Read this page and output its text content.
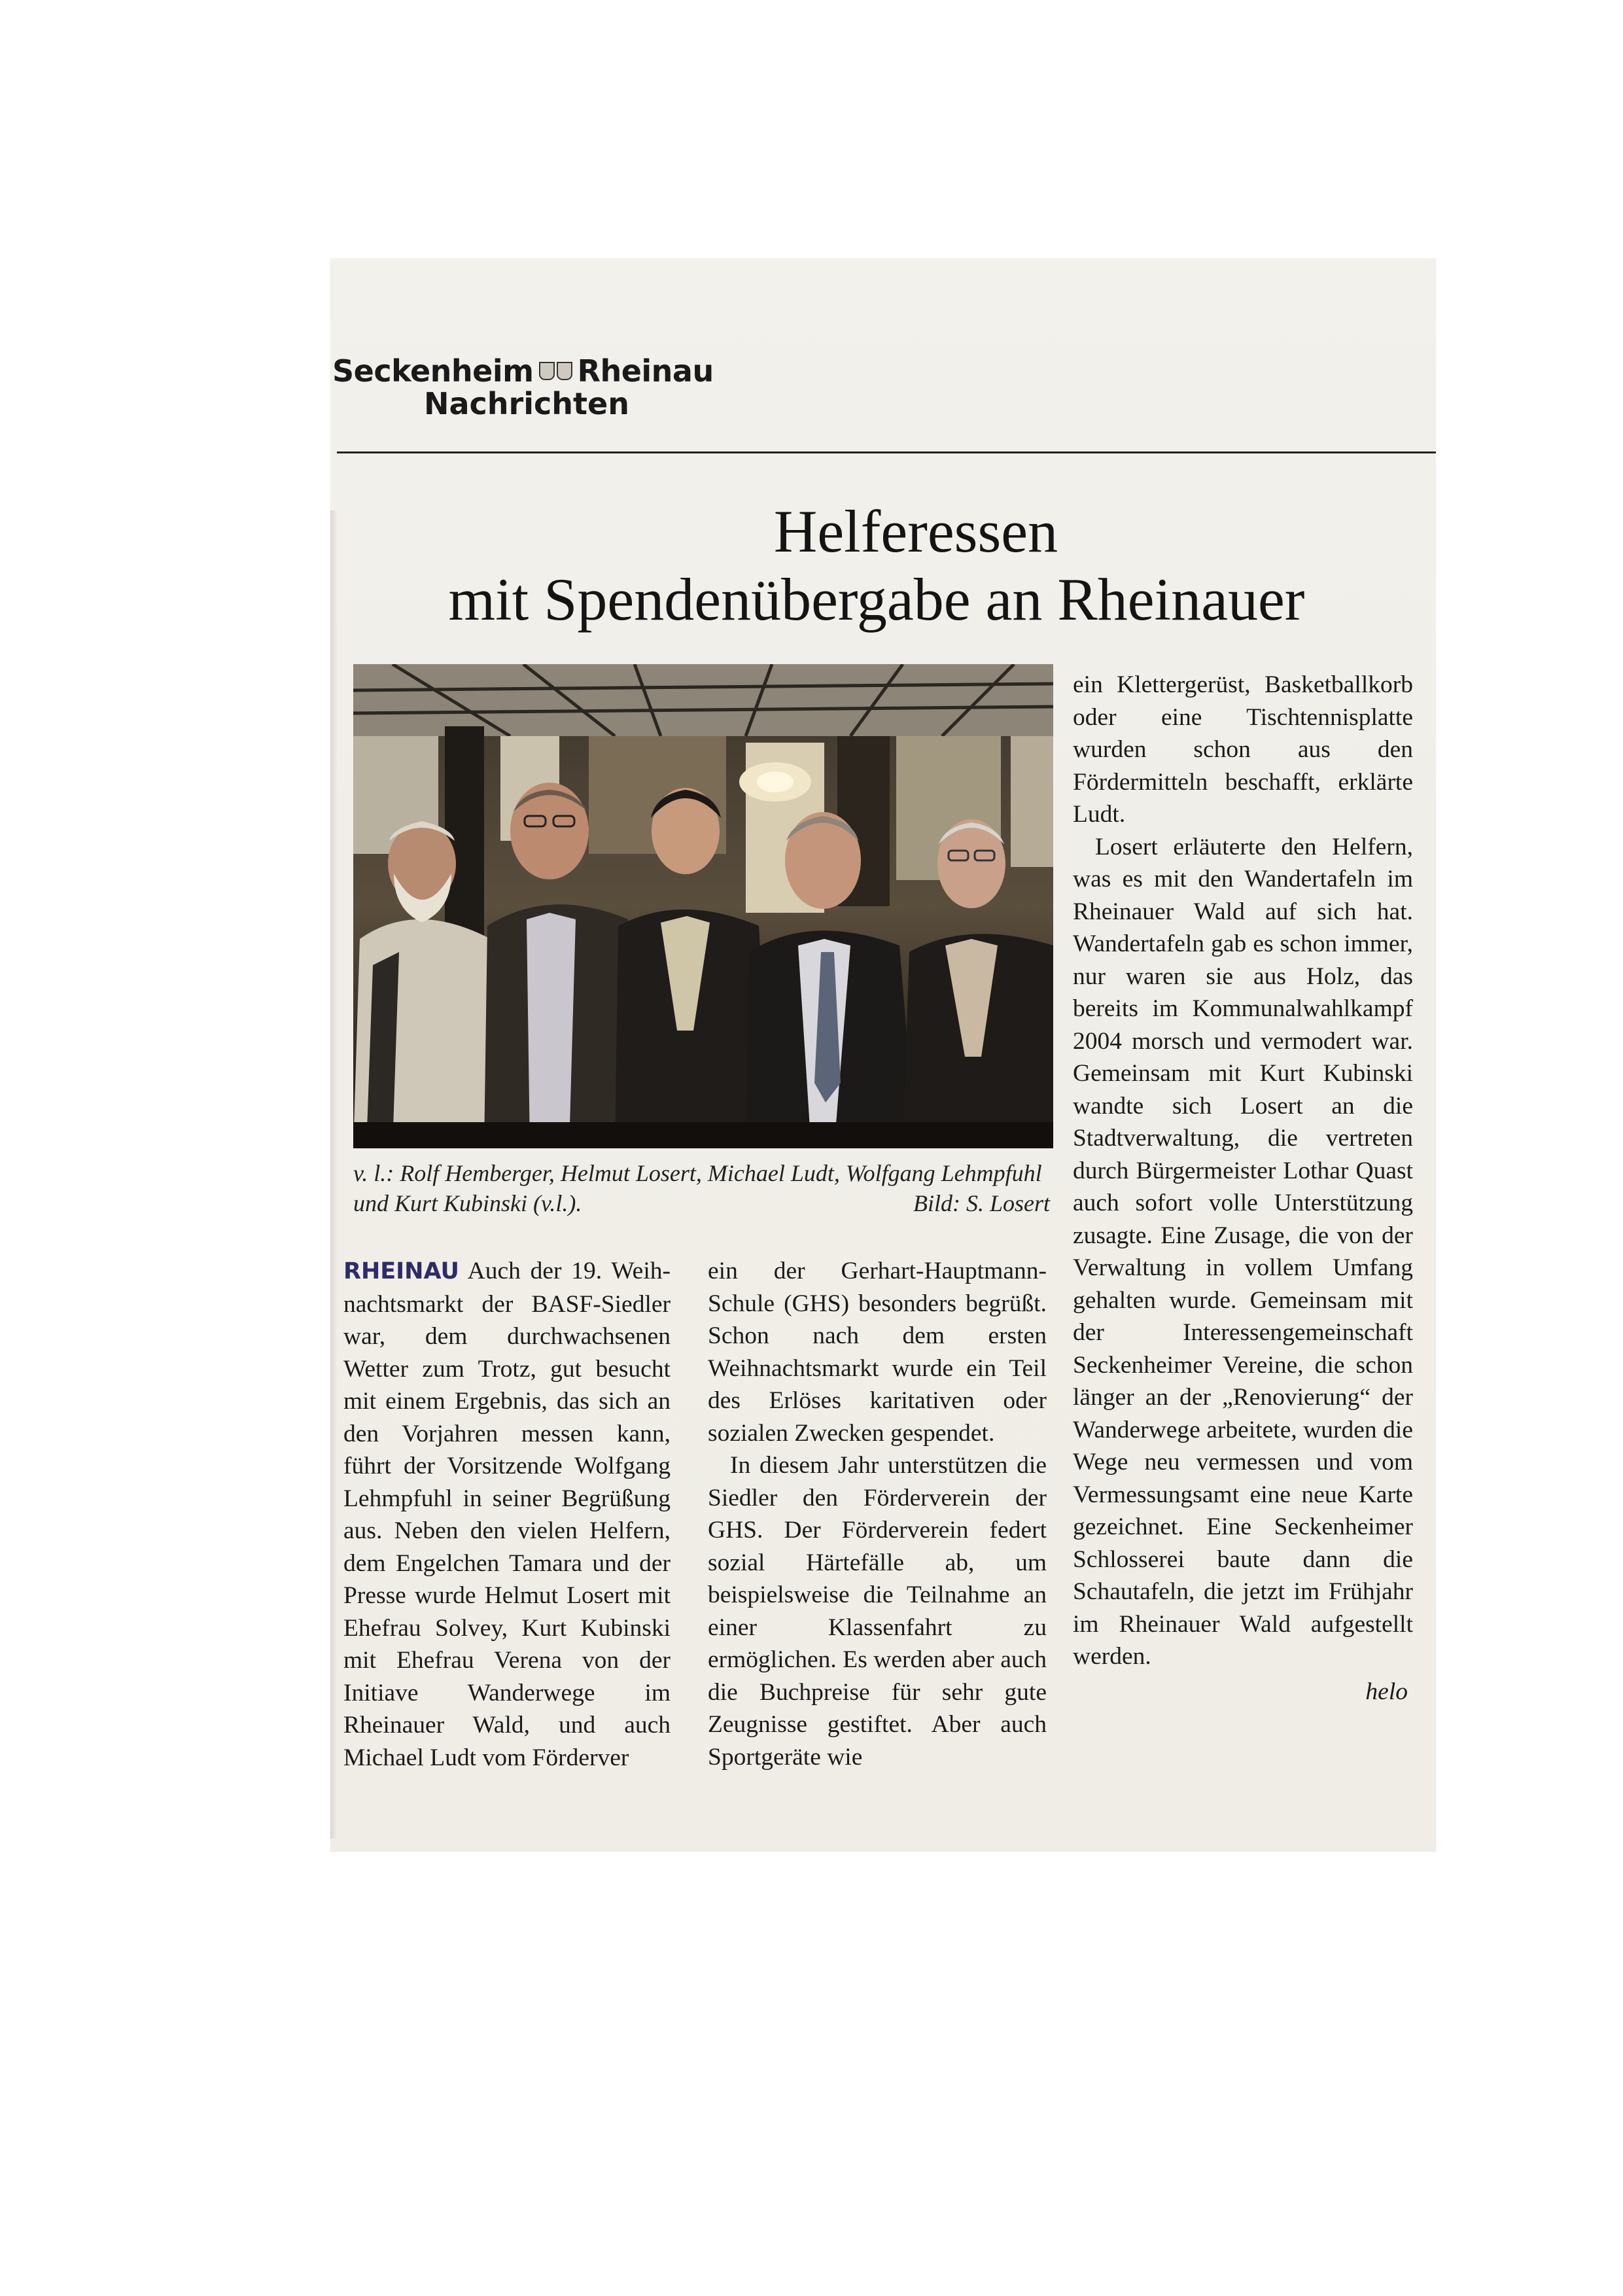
Seckenheim Rheinau
Nachrichten
Helferessen
mit Spendenübergabe an Rheinauer
v. l.: Rolf Hemberger, Helmut Losert, Michael Ludt, Wolfgang Lehmpfuhl und Kurt Kubinski (v.l.).	Bild: S. Losert

RHEINAU Auch der 19. Weihnachtsmarkt der BASF-Siedler war, dem durchwachsenen Wetter zum Trotz, gut besucht mit einem Ergebnis, das sich an den Vorjahren messen kann, führt der Vorsitzende Wolfgang Lehmpfuhl in seiner Begrüßung aus. Neben den vielen Helfern, dem Engelchen Tamara und der Presse wurde Helmut Losert mit Ehefrau Solvey, Kurt Kubinski mit Ehefrau Verena von der Initiave Wanderwege im Rheinauer Wald, und auch Michael Ludt vom Förderver

ein der Gerhart-Hauptmann-Schule (GHS) besonders begrüßt. Schon nach dem ersten Weihnachtsmarkt wurde ein Teil des Erlöses karitativen oder sozialen Zwecken gespendet.

In diesem Jahr unterstützen die Siedler den Förderverein der GHS. Der Förderverein federt sozial Härtefälle ab, um beispielsweise die Teilnahme an einer Klassenfahrt zu ermöglichen. Es werden aber auch die Buchpreise für sehr gute Zeugnisse gestiftet. Aber auch Sportgeräte wie

ein Klettergerüst, Basketballkorb oder eine Tischtennisplatte wurden schon aus den Fördermitteln beschafft, erklärte Ludt.

Losert erläuterte den Helfern, was es mit den Wandertafeln im Rheinauer Wald auf sich hat. Wandertafeln gab es schon immer, nur waren sie aus Holz, das bereits im Kommunalwahlkampf 2004 morsch und vermodert war. Gemeinsam mit Kurt Kubinski wandte sich Losert an die Stadtverwaltung, die vertreten durch Bürgermeister Lothar Quast auch sofort volle Unterstützung zusagte. Eine Zusage, die von der Verwaltung in vollem Umfang gehalten wurde. Gemeinsam mit der Interessengemeinschaft Seckenheimer Vereine, die schon länger an der „Renovierung“ der Wanderwege arbeitete, wurden die Wege neu vermessen und vom Vermessungsamt eine neue Karte gezeichnet. Eine Seckenheimer Schlosserei baute dann die Schautafeln, die jetzt im Frühjahr im Rheinauer Wald aufgestellt werden.

helo
